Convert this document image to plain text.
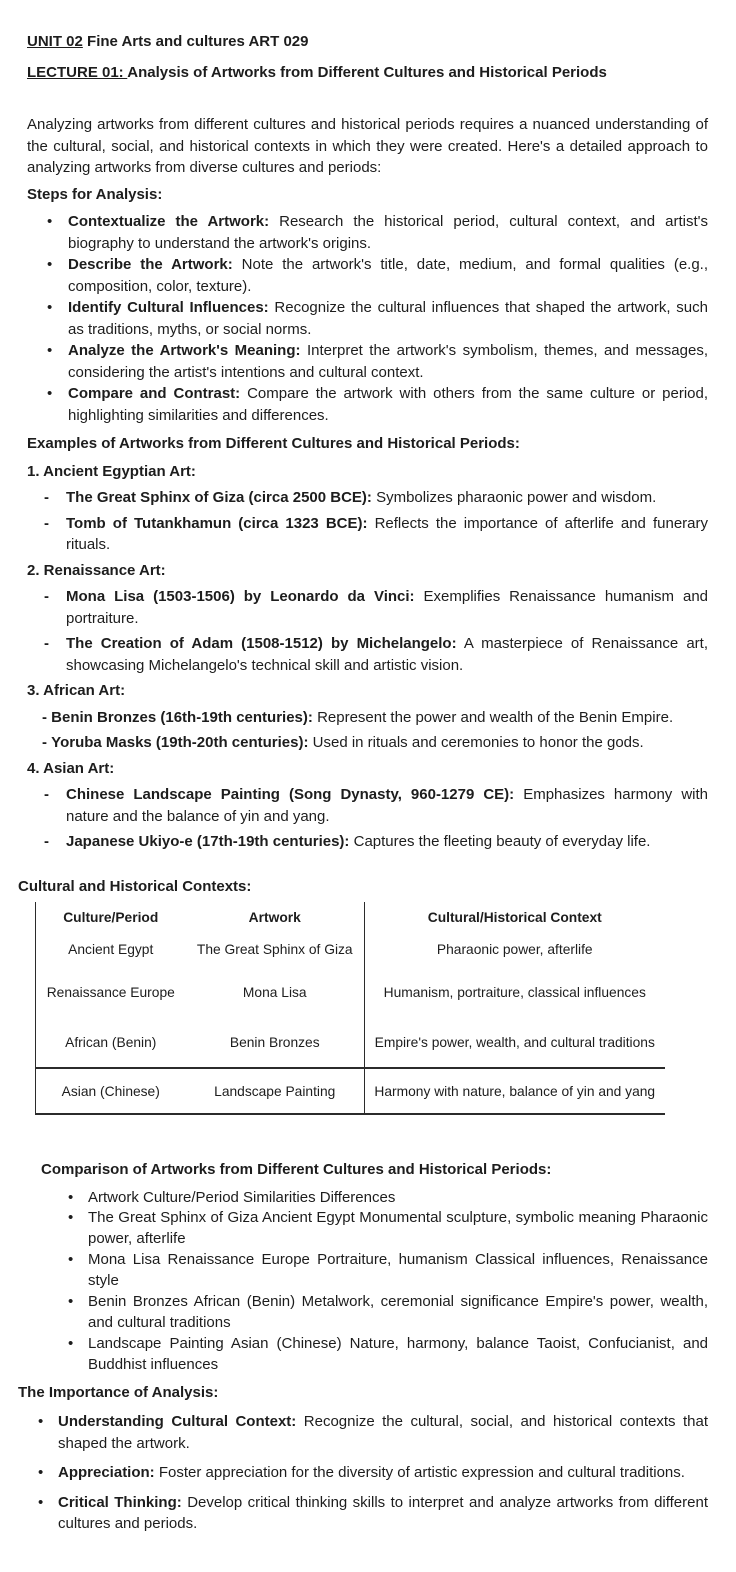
UNIT 02 Fine Arts and cultures ART 029
LECTURE 01: Analysis of Artworks from Different Cultures and Historical Periods

Analyzing artworks from different cultures and historical periods requires a nuanced understanding of the cultural, social, and historical contexts in which they were created. Here's a detailed approach to analyzing artworks from diverse cultures and periods:

Steps for Analysis:
•	Contextualize the Artwork: Research the historical period, cultural context, and artist's biography to understand the artwork's origins.
•	Describe the Artwork: Note the artwork's title, date, medium, and formal qualities (e.g., composition, color, texture).
•	Identify Cultural Influences: Recognize the cultural influences that shaped the artwork, such as traditions, myths, or social norms.
•	Analyze the Artwork's Meaning: Interpret the artwork's symbolism, themes, and messages, considering the artist's intentions and cultural context.
•	Compare and Contrast: Compare the artwork with others from the same culture or period, highlighting similarities and differences.
Examples of Artworks from Different Cultures and Historical Periods:
1. Ancient Egyptian Art:
-	The Great Sphinx of Giza (circa 2500 BCE): Symbolizes pharaonic power and wisdom.
-	Tomb of Tutankhamun (circa 1323 BCE): Reflects the importance of afterlife and funerary rituals.
2. Renaissance Art:
-	Mona Lisa (1503-1506) by Leonardo da Vinci: Exemplifies Renaissance humanism and portraiture.
-	The Creation of Adam (1508-1512) by Michelangelo: A masterpiece of Renaissance art, showcasing Michelangelo's technical skill and artistic vision.
3. African Art:
- Benin Bronzes (16th-19th centuries): Represent the power and wealth of the Benin Empire.
- Yoruba Masks (19th-20th centuries): Used in rituals and ceremonies to honor the gods.
4. Asian Art:
-	Chinese Landscape Painting (Song Dynasty, 960-1279 CE): Emphasizes harmony with nature and the balance of yin and yang.
-	Japanese Ukiyo-e (17th-19th centuries): Captures the fleeting beauty of everyday life.
Cultural and Historical Contexts:
Culture/Period	Artwork	Cultural/Historical Context
Ancient Egypt	The Great Sphinx of Giza	Pharaonic power, afterlife
Renaissance Europe	Mona Lisa	Humanism, portraiture, classical influences
African (Benin)	Benin Bronzes	Empire's power, wealth, and cultural traditions
Asian (Chinese)	Landscape Painting	Harmony with nature, balance of yin and yang
Comparison of Artworks from Different Cultures and Historical Periods:
• Artwork Culture/Period Similarities Differences
• The Great Sphinx of Giza Ancient Egypt Monumental sculpture, symbolic meaning Pharaonic power, afterlife
• Mona Lisa Renaissance Europe Portraiture, humanism Classical influences, Renaissance style
• Benin Bronzes African (Benin) Metalwork, ceremonial significance Empire's power, wealth, and cultural traditions
• Landscape Painting Asian (Chinese) Nature, harmony, balance Taoist, Confucianist, and Buddhist influences
The Importance of Analysis:
• Understanding Cultural Context: Recognize the cultural, social, and historical contexts that shaped the artwork.
• Appreciation: Foster appreciation for the diversity of artistic expression and cultural traditions.
• Critical Thinking: Develop critical thinking skills to interpret and analyze artworks from different cultures and periods.
